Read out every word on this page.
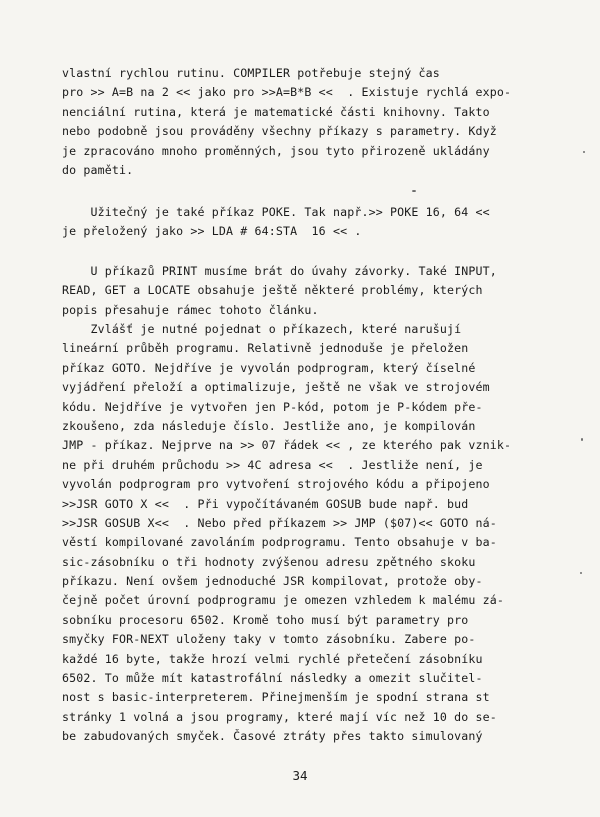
vlastní rychlou rutinu. COMPILER potřebuje stejný čas
pro >> A=B na 2 << jako pro >>A=B*B <<  . Existuje rychlá expo-
nenciální rutina, která je matematické části knihovny. Takto
nebo podobně jsou prováděny všechny příkazy s parametry. Když
je zpracováno mnoho proměnných, jsou tyto přirozeně ukládány
do paměti.
Užitečný je také příkaz POKE. Tak např.>> POKE 16, 64 <<
je přeložený jako >> LDA # 64:STA  16 << .
U příkazů PRINT musíme brát do úvahy závorky. Také INPUT,
READ, GET a LOCATE obsahuje ještě některé problémy, kterých
popis přesahuje rámec tohoto článku.
Zvlášť je nutné pojednat o příkazech, které narušují
lineární průběh programu. Relativně jednoduše je přeložen
příkaz GOTO. Nejdříve je vyvolán podprogram, který číselné
vyjádření přeloží a optimalizuje, ještě ne však ve strojovém
kódu. Nejdříve je vytvořen jen P-kód, potom je P-kódem pře-
zkoušeno, zda následuje číslo. Jestliže ano, je kompilován
JMP - příkaz. Nejprve na >> 07 řádek << , ze kterého pak vznik-
ne při druhém průchodu >> 4C adresa <<  . Jestliže není, je
vyvolán podprogram pro vytvoření strojového kódu a připojeno
>>JSR GOTO X <<  . Při vypočítávaném GOSUB bude např. bud
>>JSR GOSUB X<<  . Nebo před příkazem >> JMP ($07)<< GOTO ná-
věstí kompilované zavoláním podprogramu. Tento obsahuje v ba-
sic-zásobníku o tři hodnoty zvýšenou adresu zpětného skoku
příkazu. Není ovšem jednoduché JSR kompilovat, protože oby-
čejně počet úrovní podprogramu je omezen vzhledem k malému zá-
sobníku procesoru 6502. Kromě toho musí být parametry pro
smyčky FOR-NEXT uloženy taky v tomto zásobníku. Zabere po-
každé 16 byte, takže hrozí velmi rychlé přetečení zásobníku
6502. To může mít katastrofální následky a omezit slučitel-
nost s basic-interpreterem. Přinejmenším je spodní strana st
stránky 1 volná a jsou programy, které mají víc než 10 do se-
be zabudovaných smyček. Časové ztráty přes takto simulovaný
34
